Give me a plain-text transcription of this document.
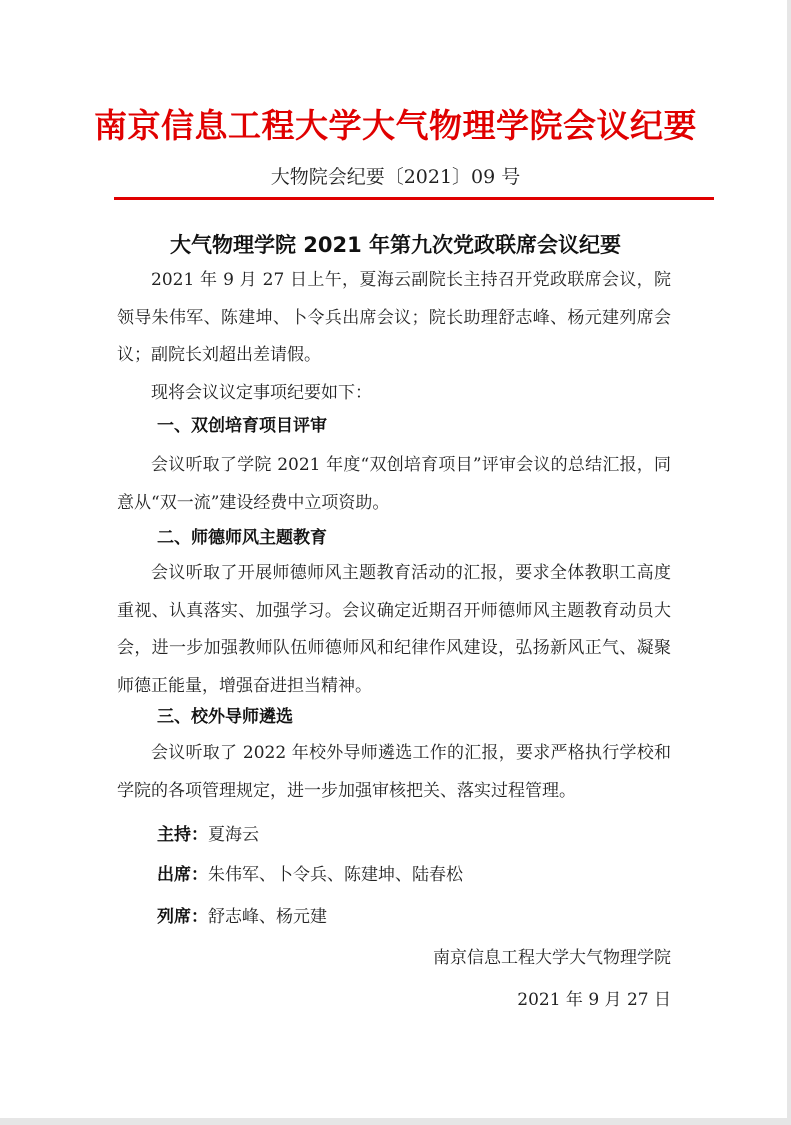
南京信息工程大学大气物理学院会议纪要
大物院会纪要〔2021〕09 号
大气物理学院 2021 年第九次党政联席会议纪要

2021 年 9 月 27 日上午，夏海云副院长主持召开党政联席会议，院领导朱伟军、陈建坤、卜令兵出席会议；院长助理舒志峰、杨元建列席会议；副院长刘超出差请假。

现将会议议定事项纪要如下：

一、双创培育项目评审

会议听取了学院 2021 年度“双创培育项目”评审会议的总结汇报，同意从“双一流”建设经费中立项资助。

二、师德师风主题教育

会议听取了开展师德师风主题教育活动的汇报，要求全体教职工高度重视、认真落实、加强学习。会议确定近期召开师德师风主题教育动员大会，进一步加强教师队伍师德师风和纪律作风建设，弘扬新风正气、凝聚师德正能量，增强奋进担当精神。

三、校外导师遴选

会议听取了 2022 年校外导师遴选工作的汇报，要求严格执行学校和学院的各项管理规定，进一步加强审核把关、落实过程管理。

主持：夏海云
出席：朱伟军、卜令兵、陈建坤、陆春松
列席：舒志峰、杨元建
南京信息工程大学大气物理学院
2021 年 9 月 27 日
